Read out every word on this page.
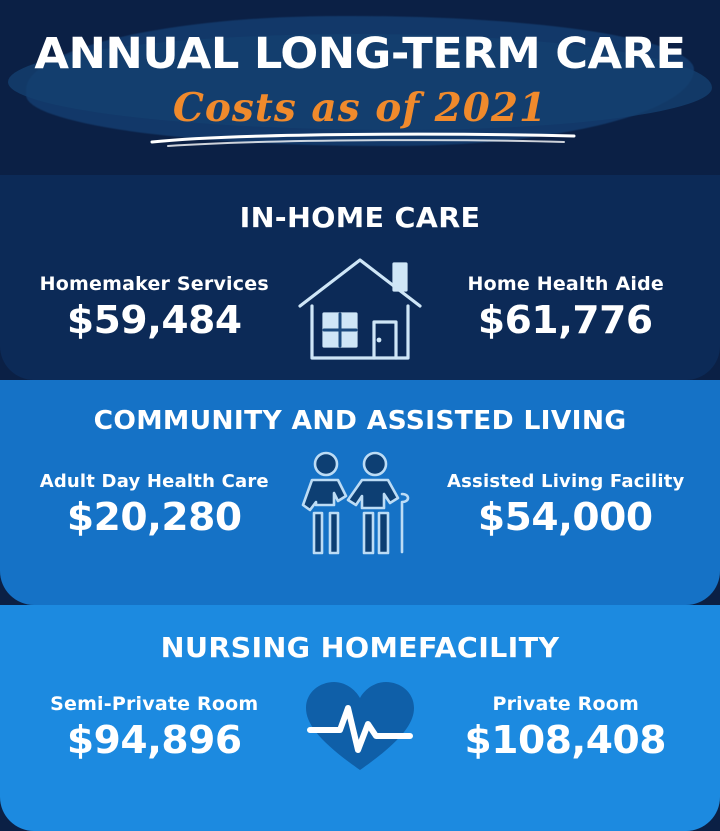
ANNUAL LONG-TERM CARE
Costs as of 2021
IN-HOME CARE
Homemaker Services
$59,484
Home Health Aide
$61,776
COMMUNITY AND ASSISTED LIVING
Adult Day Health Care
$20,280
Assisted Living Facility
$54,000
NURSING HOMEFACILITY
Semi-Private Room
$94,896
Private Room
$108,408
